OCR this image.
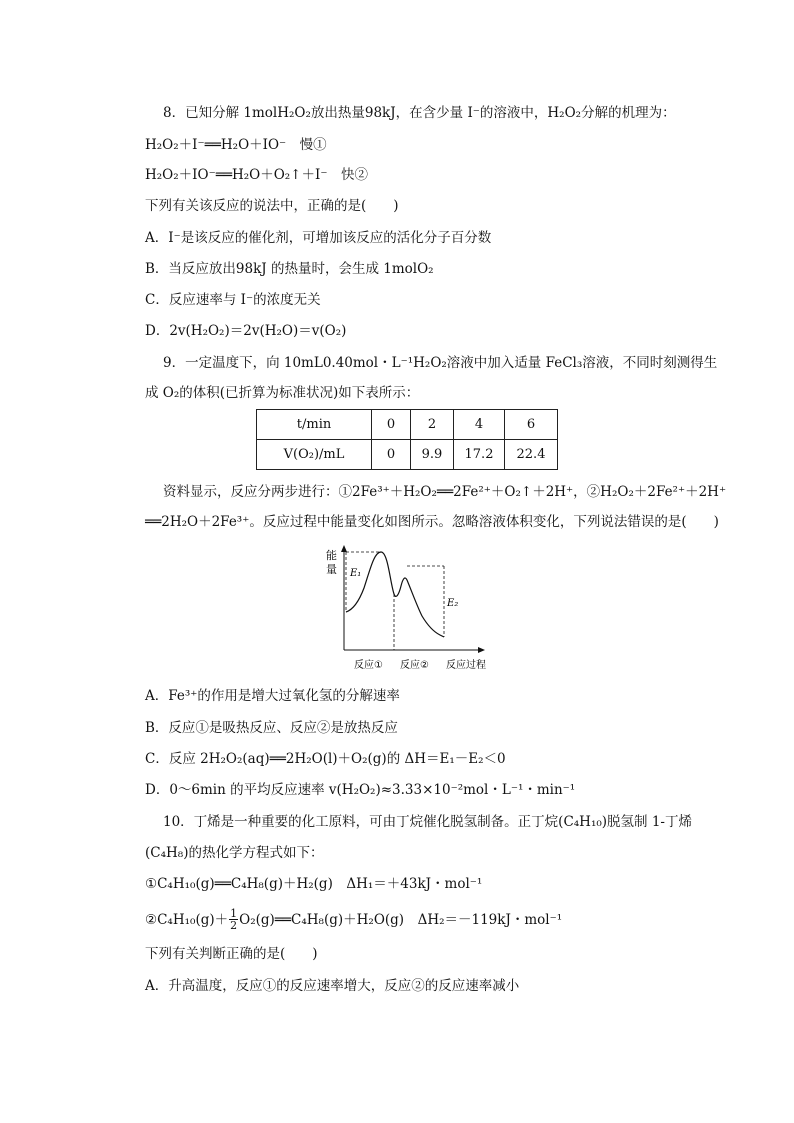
8．已知分解 1molH₂O₂放出热量98kJ，在含少量 I⁻的溶液中，H₂O₂分解的机理为：
H₂O₂＋I⁻══H₂O＋IO⁻　慢①
H₂O₂＋IO⁻══H₂O＋O₂↑＋I⁻　快②
下列有关该反应的说法中，正确的是(　　)
A．I⁻是该反应的催化剂，可增加该反应的活化分子百分数
B．当反应放出98kJ 的热量时，会生成 1molO₂
C．反应速率与 I⁻的浓度无关
D．2v(H₂O₂)＝2v(H₂O)＝v(O₂)
9．一定温度下，向 10mL0.40mol・L⁻¹H₂O₂溶液中加入适量 FeCl₃溶液，不同时刻测得生
成 O₂的体积(已折算为标准状况)如下表所示：
t/min	0	2	4	6
V(O₂)/mL	0	9.9	17.2	22.4
资料显示，反应分两步进行：①2Fe³⁺＋H₂O₂══2Fe²⁺＋O₂↑＋2H⁺，②H₂O₂＋2Fe²⁺＋2H⁺
══2H₂O＋2Fe³⁺。反应过程中能量变化如图所示。忽略溶液体积变化，下列说法错误的是(　　)
能
量 E₁
E₂
反应① 反应② 反应过程
A．Fe³⁺的作用是增大过氧化氢的分解速率
B．反应①是吸热反应、反应②是放热反应
C．反应 2H₂O₂(aq)══2H₂O(l)＋O₂(g)的 ΔH＝E₁－E₂＜0
D．0～6min 的平均反应速率 v(H₂O₂)≈3.33×10⁻²mol・L⁻¹・min⁻¹
10．丁烯是一种重要的化工原料，可由丁烷催化脱氢制备。正丁烷(C₄H₁₀)脱氢制 1-丁烯
(C₄H₈)的热化学方程式如下：
①C₄H₁₀(g)══C₄H₈(g)＋H₂(g)　ΔH₁＝＋43kJ・mol⁻¹
②C₄H₁₀(g)＋ $\frac{1}{2}$ O₂(g)══C₄H₈(g)＋H₂O(g)　ΔH₂＝－119kJ・mol⁻¹
下列有关判断正确的是(　　)
A．升高温度，反应①的反应速率增大，反应②的反应速率减小
